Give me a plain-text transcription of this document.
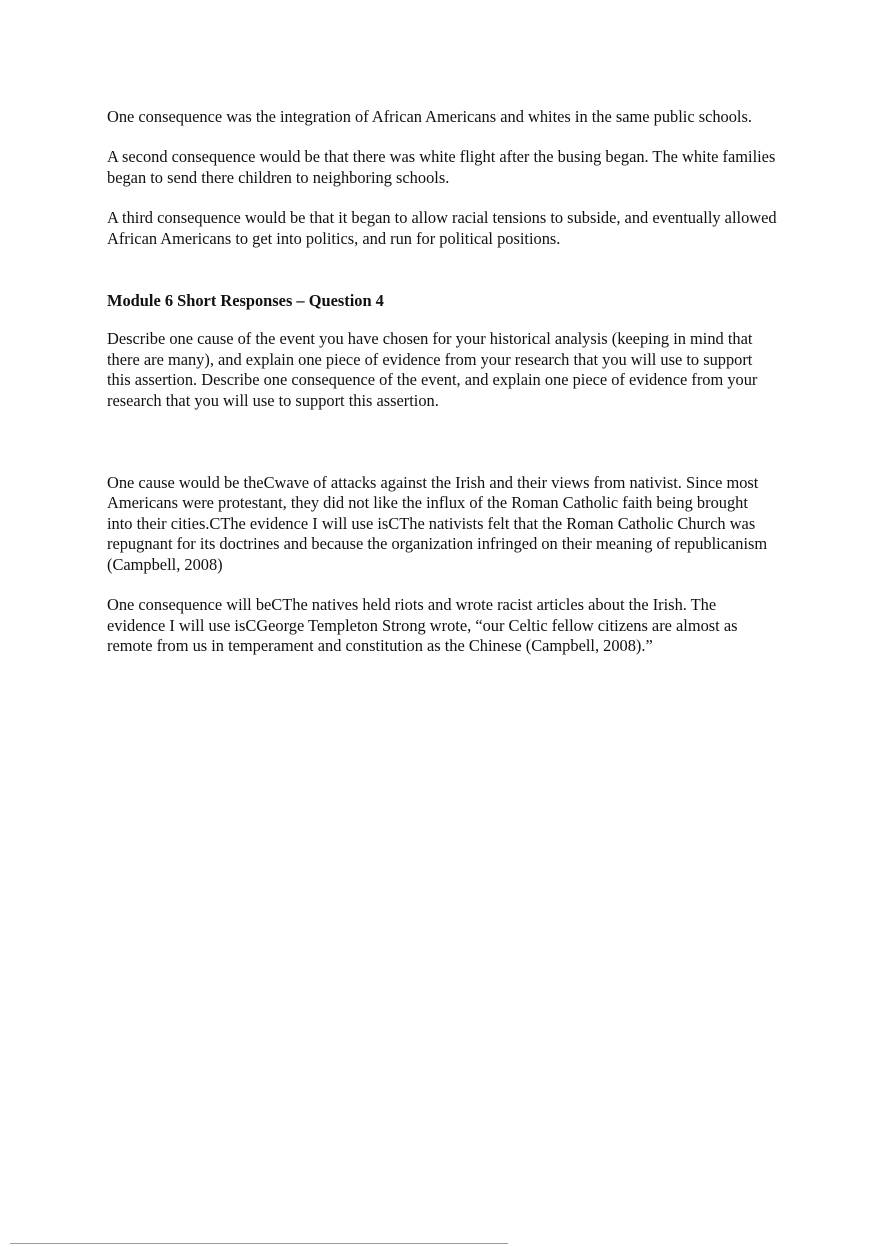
One consequence was the integration of African Americans and whites in the same public schools.

A second consequence would be that there was white flight after the busing began. The white families began to send there children to neighboring schools.

A third consequence would be that it began to allow racial tensions to subside, and eventually allowed African Americans to get into politics, and run for political positions.

Module 6 Short Responses – Question 4

Describe one cause of the event you have chosen for your historical analysis (keeping in mind that there are many), and explain one piece of evidence from your research that you will use to support this assertion. Describe one consequence of the event, and explain one piece of evidence from your research that you will use to support this assertion.

One cause would be theCwave of attacks against the Irish and their views from nativist. Since most Americans were protestant, they did not like the influx of the Roman Catholic faith being brought into their cities.CThe evidence I will use isCThe nativists felt that the Roman Catholic Church was repugnant for its doctrines and because the organization infringed on their meaning of republicanism (Campbell, 2008)

One consequence will beCThe natives held riots and wrote racist articles about the Irish. The evidence I will use isCGeorge Templeton Strong wrote, “our Celtic fellow citizens are almost as remote from us in temperament and constitution as the Chinese (Campbell, 2008).”
